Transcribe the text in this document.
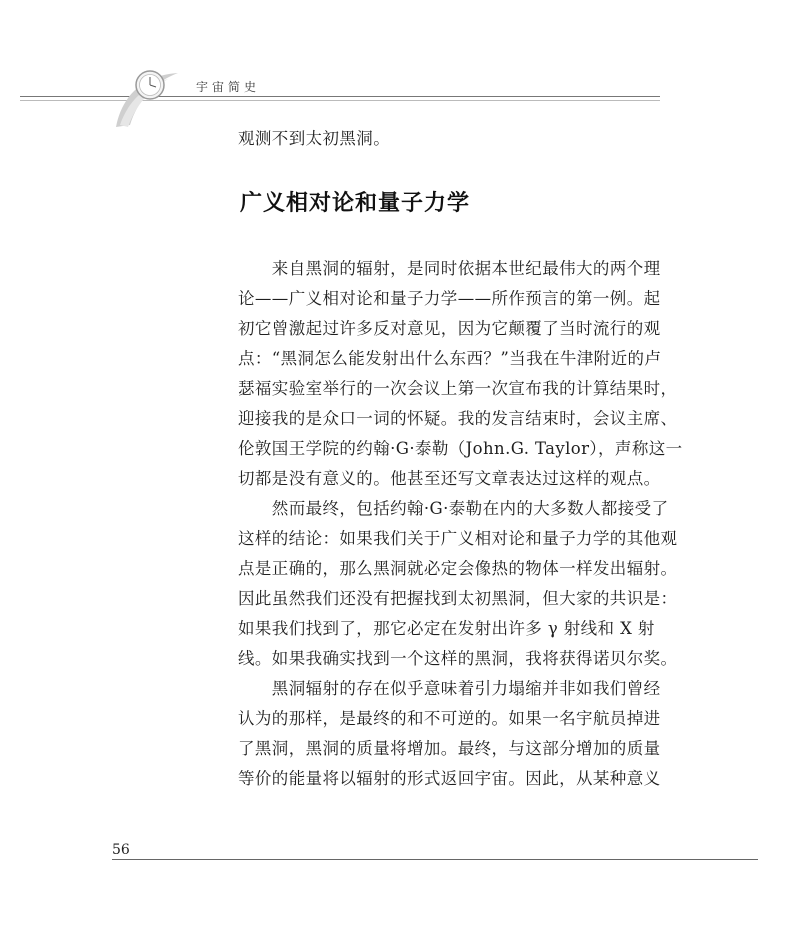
宇宙简史
观测不到太初黑洞。
广义相对论和量子力学
　　来自黑洞的辐射，是同时依据本世纪最伟大的两个理
论——广义相对论和量子力学——所作预言的第一例。起
初它曾激起过许多反对意见，因为它颠覆了当时流行的观
点：“黑洞怎么能发射出什么东西？”当我在牛津附近的卢
瑟福实验室举行的一次会议上第一次宣布我的计算结果时，
迎接我的是众口一词的怀疑。我的发言结束时，会议主席、
伦敦国王学院的约翰·G·泰勒（John.G. Taylor），声称这一
切都是没有意义的。他甚至还写文章表达过这样的观点。
　　然而最终，包括约翰·G·泰勒在内的大多数人都接受了
这样的结论：如果我们关于广义相对论和量子力学的其他观
点是正确的，那么黑洞就必定会像热的物体一样发出辐射。
因此虽然我们还没有把握找到太初黑洞，但大家的共识是：
如果我们找到了，那它必定在发射出许多 γ 射线和 X 射
线。如果我确实找到一个这样的黑洞，我将获得诺贝尔奖。
　　黑洞辐射的存在似乎意味着引力塌缩并非如我们曾经
认为的那样，是最终的和不可逆的。如果一名宇航员掉进
了黑洞，黑洞的质量将增加。最终，与这部分增加的质量
等价的能量将以辐射的形式返回宇宙。因此，从某种意义
56
